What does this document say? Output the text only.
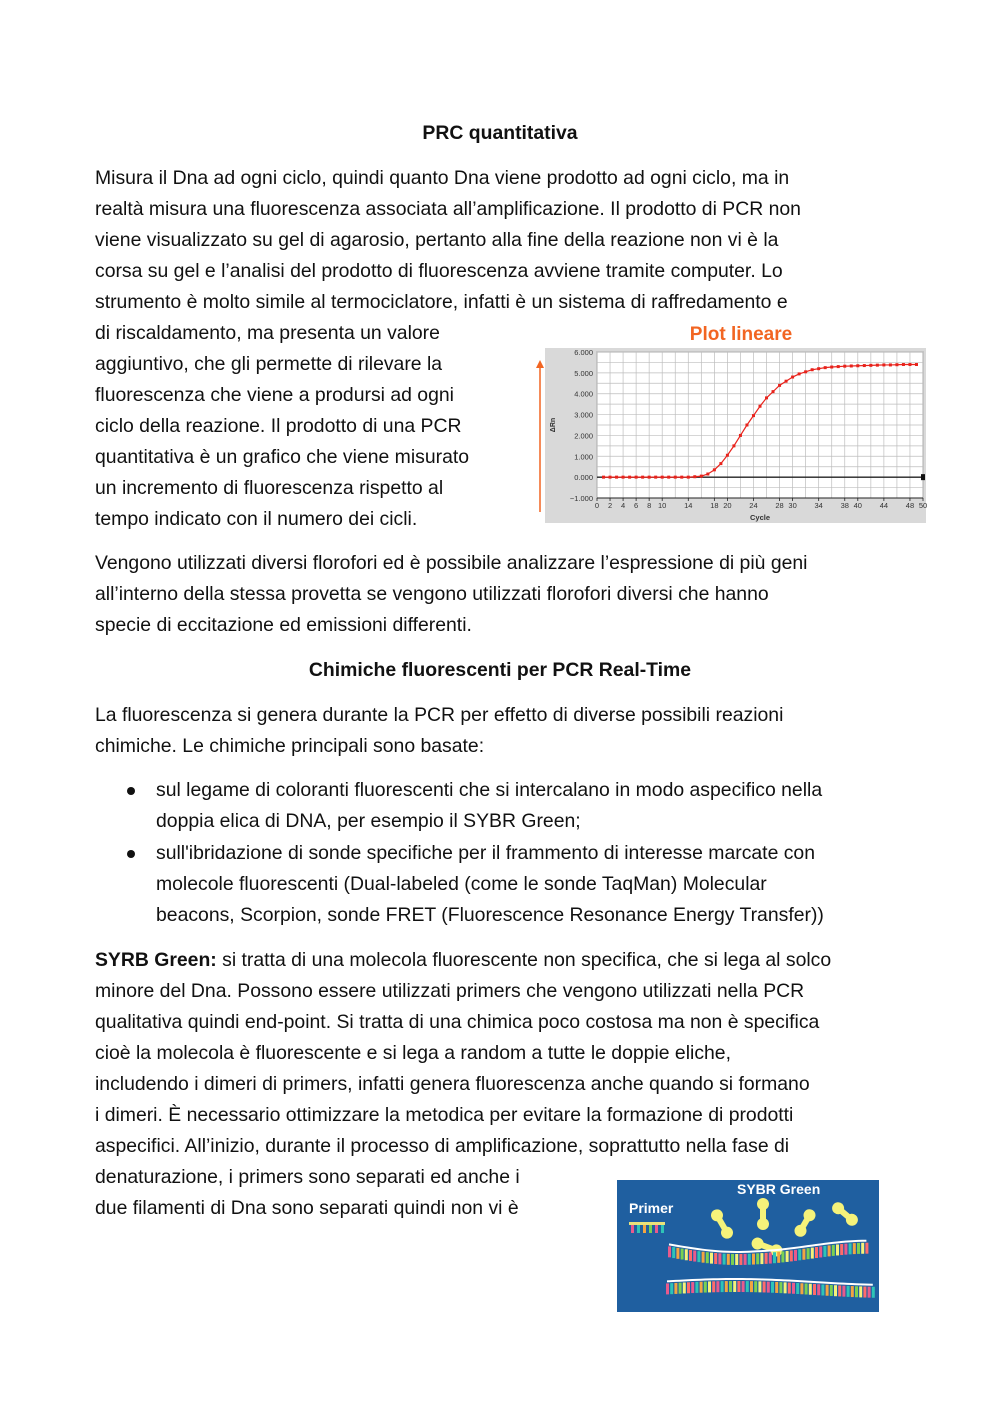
PRC quantitativa
Misura il Dna ad ogni ciclo, quindi quanto Dna viene prodotto ad ogni ciclo, ma in
realtà misura una fluorescenza associata all’amplificazione. Il prodotto di PCR non
viene visualizzato su gel di agarosio, pertanto alla fine della reazione non vi è la
corsa su gel e l’analisi del prodotto di fluorescenza avviene tramite computer. Lo
strumento è molto simile al termociclatore, infatti è un sistema di raffredamento e
di riscaldamento, ma presenta un valore
aggiuntivo, che gli permette di rilevare la
fluorescenza che viene a prodursi ad ogni
ciclo della reazione. Il prodotto di una PCR
quantitativa è un grafico che viene misurato
un incremento di fluorescenza rispetto al
tempo indicato con il numero dei cicli.
Vengono utilizzati diversi florofori ed è possibile analizzare l’espressione di più geni
all’interno della stessa provetta se vengono utilizzati florofori diversi che hanno
specie di eccitazione ed emissioni differenti.
Chimiche fluorescenti per PCR Real-Time
La fluorescenza si genera durante la PCR per effetto di diverse possibili reazioni
chimiche. Le chimiche principali sono basate:
sul legame di coloranti fluorescenti che si intercalano in modo aspecifico nella
doppia elica di DNA, per esempio il SYBR Green;
sull'ibridazione di sonde specifiche per il frammento di interesse marcate con
molecole fluorescenti (Dual-labeled (come le sonde TaqMan) Molecular
beacons, Scorpion, sonde FRET (Fluorescence Resonance Energy Transfer))
SYRB Green: si tratta di una molecola fluorescente non specifica, che si lega al solco
minore del Dna. Possono essere utilizzati primers che vengono utilizzati nella PCR
qualitativa quindi end-point. Si tratta di una chimica poco costosa ma non è specifica
cioè la molecola è fluorescente e si lega a random a tutte le doppie eliche,
includendo i dimeri di primers, infatti genera fluorescenza anche quando si formano
i dimeri. È necessario ottimizzare la metodica per evitare la formazione di prodotti
aspecifici. All’inizio, durante il processo di amplificazione, soprattutto nella fase di
denaturazione, i primers sono separati ed anche i
due filamenti di Dna sono separati quindi non vi è
−1.000
0.000
1.000
2.000
3.000
4.000
5.000
6.000
0 2 4 6 8 10 14 18 20 24 28 30 34 38 40 44 48 50
Cycle
ΔRn
Plot lineare
Primer
SYBR Green
